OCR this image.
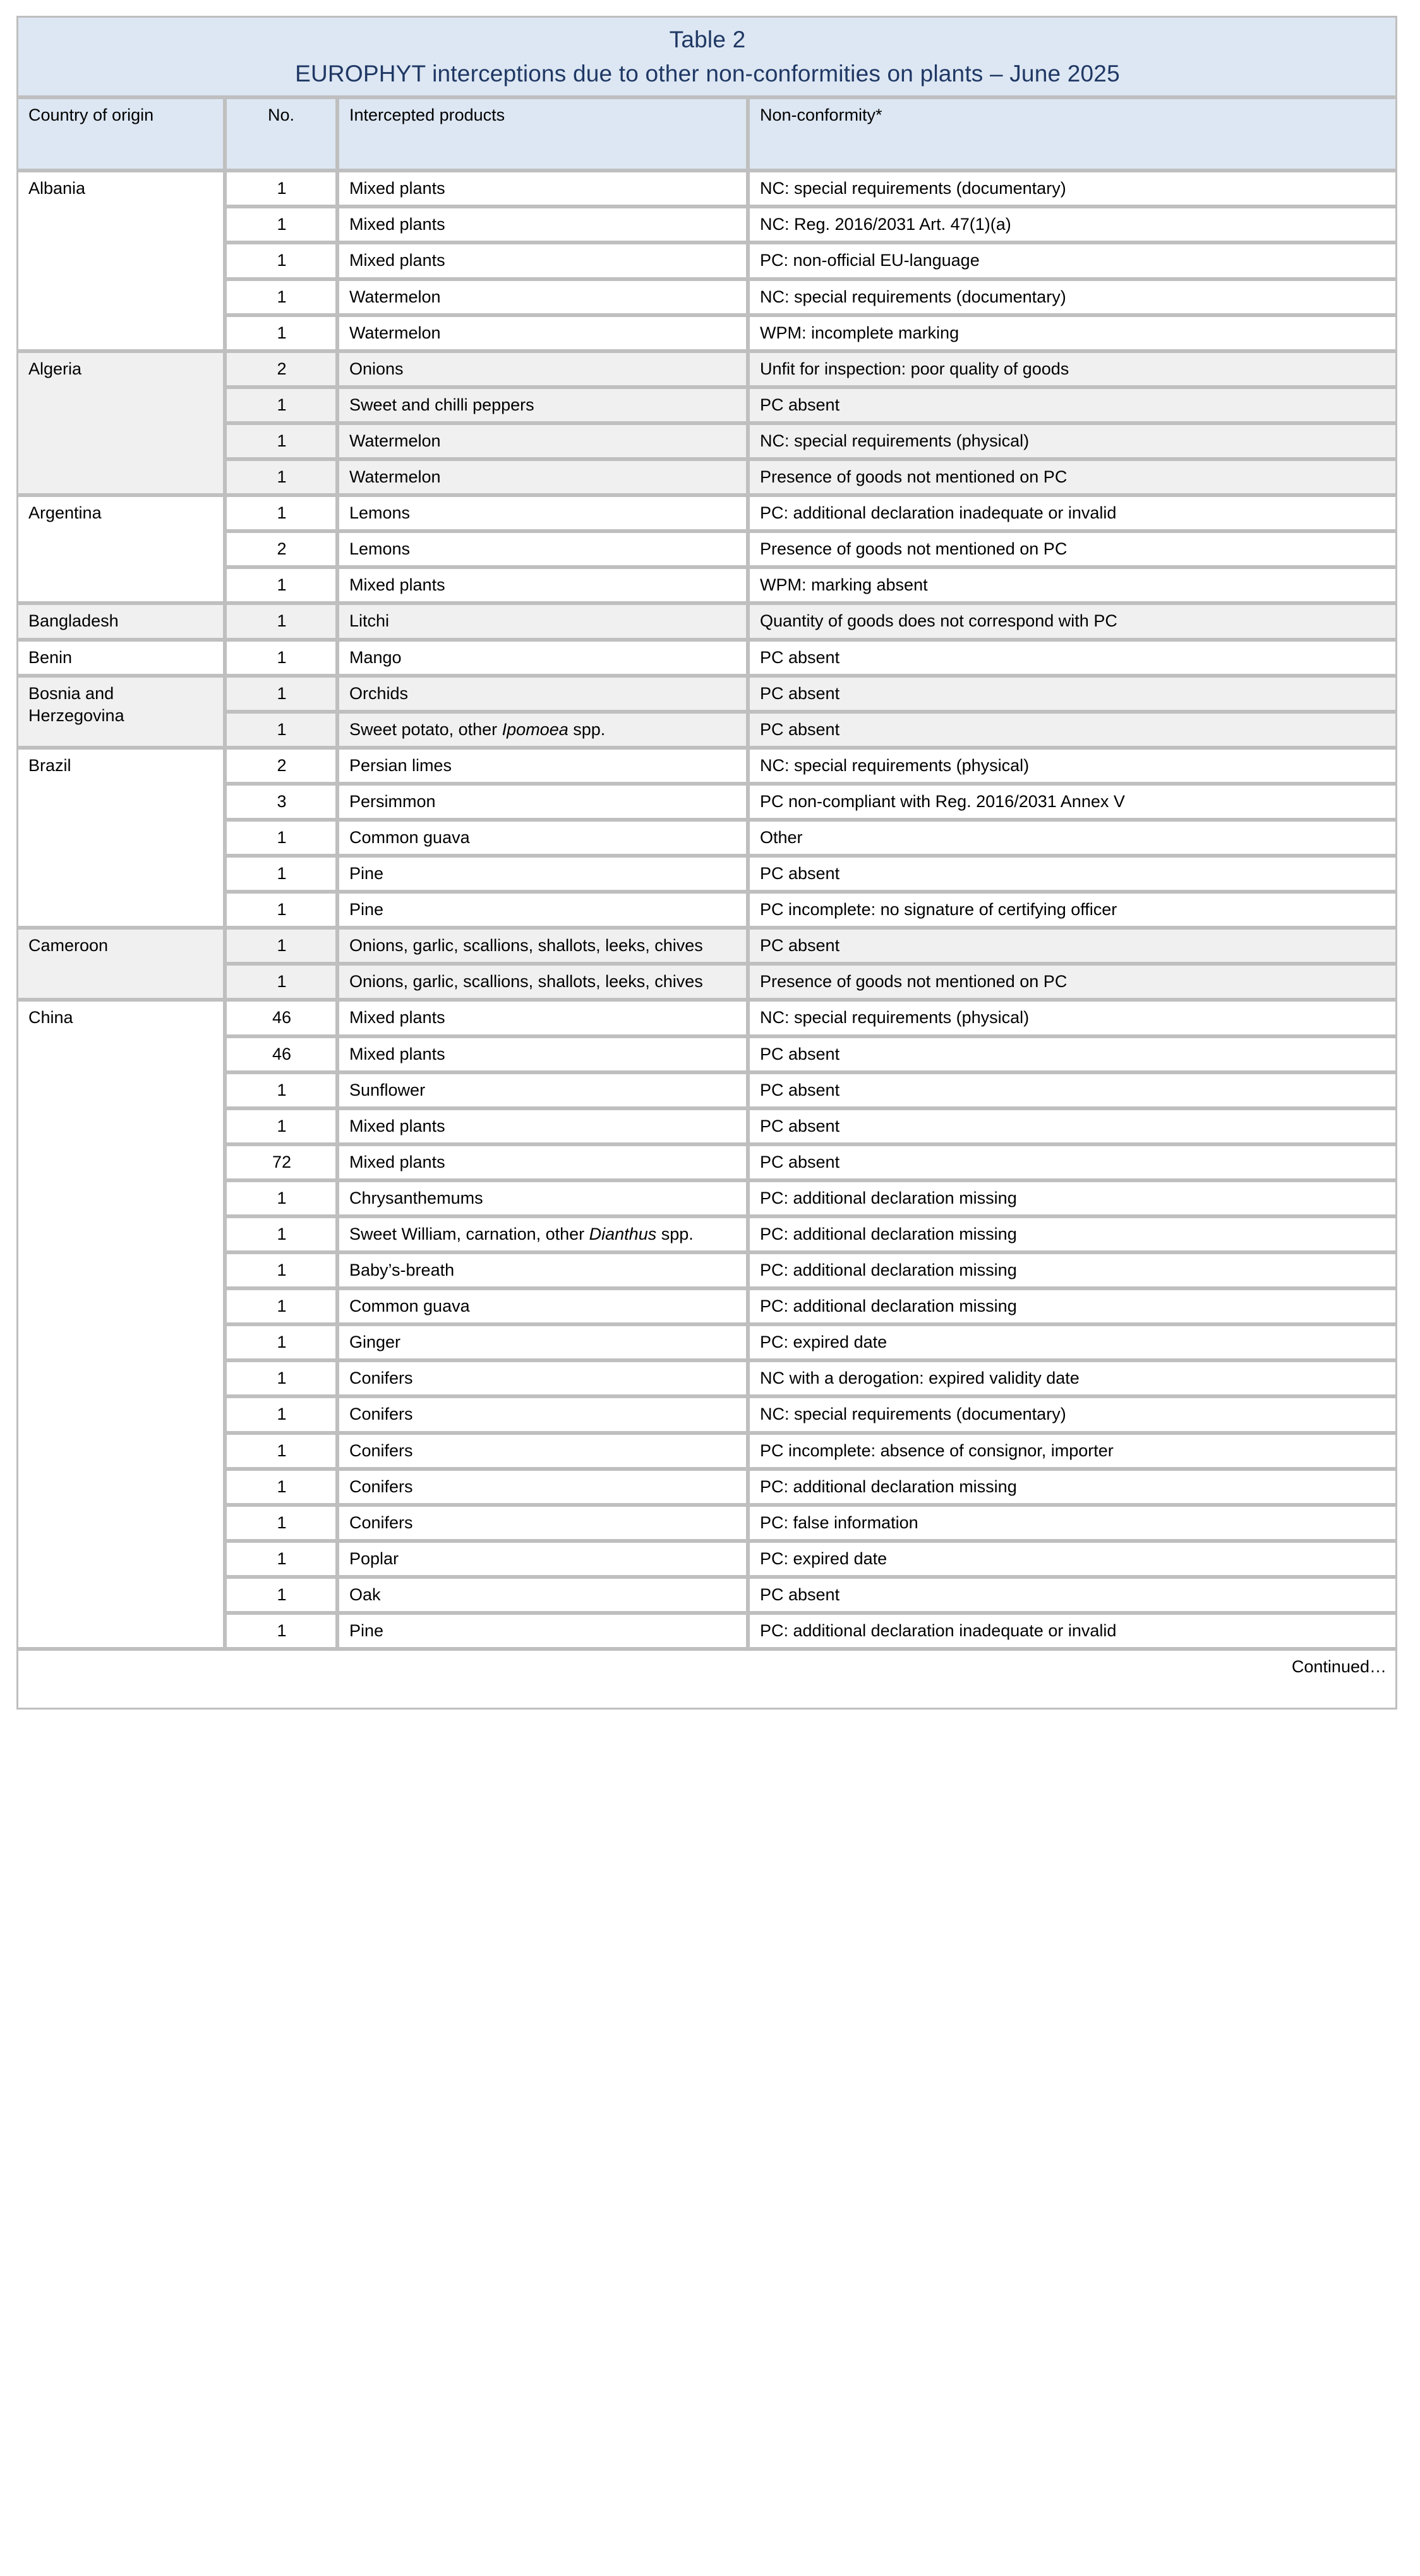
Table 2
EUROPHYT interceptions due to other non-conformities on plants – June 2025			

Country of origin	No.	Intercepted products	Non-conformity*
Albania	1	Mixed plants	NC: special requirements (documentary)
	1	Mixed plants	NC: Reg. 2016/2031 Art. 47(1)(a)
	1	Mixed plants	PC: non-official EU-language
	1	Watermelon	NC: special requirements (documentary)
	1	Watermelon	WPM: incomplete marking
Algeria	2	Onions	Unfit for inspection: poor quality of goods
	1	Sweet and chilli peppers	PC absent
	1	Watermelon	NC: special requirements (physical)
	1	Watermelon	Presence of goods not mentioned on PC
Argentina	1	Lemons	PC: additional declaration inadequate or invalid
	2	Lemons	Presence of goods not mentioned on PC
	1	Mixed plants	WPM: marking absent
Bangladesh	1	Litchi	Quantity of goods does not correspond with PC
Benin	1	Mango	PC absent
Bosnia and Herzegovina	1	Orchids	PC absent
	1	Sweet potato, other Ipomoea spp.	PC absent
Brazil	2	Persian limes	NC: special requirements (physical)
	3	Persimmon	PC non-compliant with Reg. 2016/2031 Annex V
	1	Common guava	Other
	1	Pine	PC absent
	1	Pine	PC incomplete: no signature of certifying officer
Cameroon	1	Onions, garlic, scallions, shallots, leeks, chives	PC absent
	1	Onions, garlic, scallions, shallots, leeks, chives	Presence of goods not mentioned on PC
China	46	Mixed plants	NC: special requirements (physical)
	46	Mixed plants	PC absent
	1	Sunflower	PC absent
	1	Mixed plants	PC absent
	72	Mixed plants	PC absent
	1	Chrysanthemums	PC: additional declaration missing
	1	Sweet William, carnation, other Dianthus spp.	PC: additional declaration missing
	1	Baby’s-breath	PC: additional declaration missing
	1	Common guava	PC: additional declaration missing
	1	Ginger	PC: expired date
	1	Conifers	NC with a derogation: expired validity date
	1	Conifers	NC: special requirements (documentary)
	1	Conifers	PC incomplete: absence of consignor, importer
	1	Conifers	PC: additional declaration missing
	1	Conifers	PC: false information
	1	Poplar	PC: expired date
	1	Oak	PC absent
	1	Pine	PC: additional declaration inadequate or invalid
Continued…			
